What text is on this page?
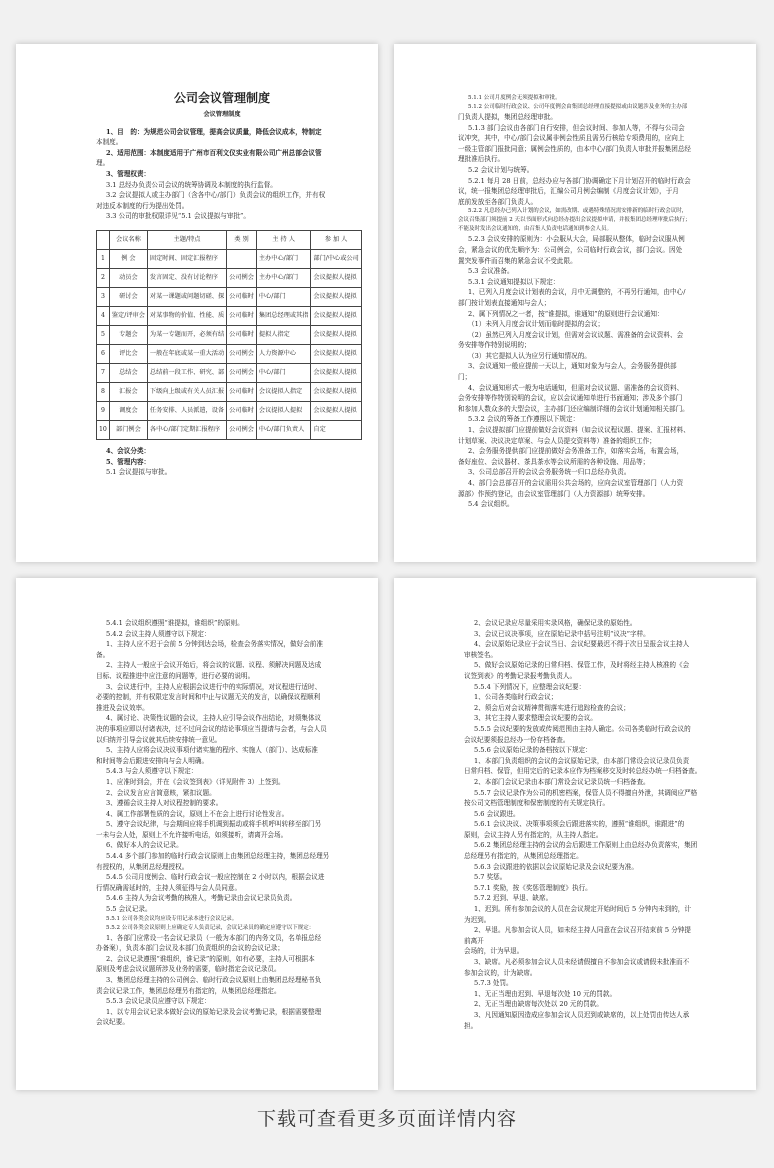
公司会议管理制度
会议管理制度
1、目　的：为规范公司会议管理，提高会议质量，降低会议成本，特制定
本制度。
2、适用范围：本制度适用于广州市百利文仪实业有限公司广州总部会议管
理。
3、管理权责：
3.1 总经办负责公司会议的统筹协调及本制度的执行监督。
3.2 会议提拟人或主办部门（含各中心/部门）负责会议的组织工作，并有权
对违反本制度的行为提出处罚。
3.3 公司的审批权限详见“5.1 会议提拟与审批”。
	会议名称	主题/特点	类 别	主 持 人	参 加 人
1	例 会	固定时间、固定汇报程序		主办中心/部门	部门/中心或公司
2	动员会	发言固定、没有讨论程序	公司例会	主办中心/部门	会议提拟人提拟
3	研讨会	对某一课题或问题切磋、探	公司临时	中心/部门	会议提拟人提拟
4	鉴定/评审会	对某事物的价值、性能、质	公司临时	集团总经理或其指	会议提拟人提拟
5	专题会	为某一专题而开，必须有结	公司临时	提拟人指定	会议提拟人提拟
6	评比会	一般在年底或某一重大活动	公司例会	人力资源中心	会议提拟人提拟
7	总结会	总结前一段工作、研究、部	公司例会	中心/部门	会议提拟人提拟
8	汇报会	下级向上级或有关人员汇报	公司临时	会议提拟人指定	会议提拟人提拟
9	调度会	任务安排、人员派遣，设备	公司临时	会议提拟人提拟	会议提拟人提拟
10	部门例会	各中心/部门定期汇报程序	公司例会	中心/部门负责人	自定
4、会议分类：
5、管理内容：
5.1 会议提拟与审批。
5.1.1 公司月度例会无须提拟和审批。
5.1.2 公司临时行政会议、公司年度例会由集团总经理直接提拟或由议题涉及业务的主办部
门负责人提拟，集团总经理审批。
5.1.3 部门会议由各部门自行安排，但会议时间、参加人等，不得与公司会
议冲突，其中，中心/部门会议属非例会性质且需另行核给专项费用的，应向上
一级主管部门报批同意；属例会性质的，由本中心/部门负责人审批并报集团总经
理批准后执行。
5.2 会议计划与统筹。
5.2.1 每月 28 日前，总经办应与各部门协调确定下月计划召开的临时行政会
议，统一报集团总经理审批后，汇编公司月例会编制《月度会议计划》，于月
底前发放至各部门负责人。
5.2.2 凡总经办已列入计划的会议，如需改期、或遇特殊情况需安排新的临时行政会议时，
会议召集部门须提前 2 天以书面形式向总经办提出会议提拟申请，并报集团总经理审批后执行；
不能及时发出会议通知的，由召集人负责电话通知到参会人员。
5.2.3 会议安排的原则为：小会服从大会，局部服从整体，临时会议服从例
会，紧急会议的优先顺序为：公司例会，公司临时行政会议，部门会议。因处
置突发事件而召集的紧急会议不受此限。
5.3 会议准备。
5.3.1 会议通知提拟以下规定：
1、已列入月度会议计划表的会议，月中无调整的，不再另行通知，由中心/
部门按计划表直接通知与会人；
2、属下列情况之一者，按“谁提拟，谁通知”的原则进行会议通知：
（1）未列入月度会议计划而临时提拟的会议；
（2）虽然已列入月度会议计划，但需对会议议题、需准备的会议资料、会
务安排等作特别说明的；
（3）其它提拟人认为应另行通知情况的。
3、会议通知一般应提前一天以上，通知对象为与会人，会务服务提供部
门；
4、会议通知形式一般为电话通知，但需对会议议题、需准备的会议资料、
会务安排等作特别说明的会议，应以会议通知单进行书面通知；涉及多个部门
和参加人数众多的大型会议，主办部门还应编制详细的会议计划通知相关部门。
5.3.2 会议的筹备工作遵照以下规定：
1、会议提拟部门应提前做好会议资料（如会议议程议题、提案、汇报材料、
计划草案、决议决定草案、与会人员提交资料等）准备的组织工作；
2、会务服务提供部门应提前做好会务准备工作，如落实会场，布置会场，
备好座位、会议器材、茶具茶水等会议所需的各种设施、用品等；
3、公司总部召开的会议会务服务统一归口总经办负责。
4、部门会总部召开的会议需用公共会场的，应向会议室管理部门（人力资
源部）作预约登记，由会议室管理部门（人力资源部）统筹安排。
5.4 会议组织。
5.4.1 会议组织遵照“谁提拟，谁组织”的原则。
5.4.2 会议主持人须遵守以下规定：
1、主持人应不迟于会前 5 分钟到达会场，检查会务落实情况，做好会前准
备。
2、主持人一般应于会议开始后，将会议的议题、议程、须解决问题及达成
目标、议程推进中应注意的问题等，进行必要的说明。
3、会议进行中，主持人应根据会议进行中的实际情况，对议程进行适时、
必要的控制，并有权限定发言时间和中止与议题无关的发言，以确保议程顺利
推进及会议效率。
4、属讨论、决策性议题的会议，主持人应引导会议作出结论，对须集体议
决的事项应即以付诸表决，过不过问会议的结论事项应当提请与会者，与会人员
以归纳并引导会议就其后续安排统一意见。
5、主持人应将会议决议事项付诸实施的程序、实施人（部门）、达成标准
和时间等会后跟进安排向与会人明确。
5.4.3 与会人须遵守以下规定：
1、应准时到会，并在《会议签到表》（详见附件 3）上签到。
2、会议发言应言简意赅，紧扣议题。
3、遵循会议主持人对议程控制的要求。
4、属工作部署性质的会议，原则上不在会上进行讨论性发言。
5、遵守会议纪律，与会期间应将手机调到振动或将手机呼叫转移至部门另
一未与会人处，原则上不允许接听电话，如须接听，请离开会场。
6、做好本人的会议记录。
5.4.4 多个部门参加的临时行政会议原则上由集团总经理主持，集团总经理另
有授权的，从集团总经理授权。
5.4.5 公司月度例会、临时行政会议一般应控制在 2 小时以内，根据会议进
行情况确需延时的，主持人须征得与会人员同意。
5.4.6 主持人为会议考勤的核准人，考勤记录由会议记录员负责。
5.5 会议记录。
5.5.1 公司各类会议均应设专用记录本进行会议记录。
5.5.2 公司各类会议原则上应确定专人负责记录，会议记录员的确定应遵守以下规定：
1、各部门应常设一名会议记录员（一般为本部门的内务文员，名单报总经
办备案），负责本部门会议及本部门负责组织的会议的会议记录；
2、会议记录遵照“谁组织，谁记录”的原则，如有必要，主持人可根据本
原则及考虑会议议题所涉及业务的需要，临时指定会议记录员。
3、集团总经理主持的公司例会、临时行政会议原则上由集团总经理秘书负
责会议记录工作，集团总经理另有指定的，从集团总经理指定。
5.5.3 会议记录员应遵守以下规定：
1、以专用会议记录本做好会议的原始记录及会议考勤记录，根据需要整理
会议纪要。
2、会议记录应尽量采用实录风格，确保记录的原始性。
3、会议已议决事项，应在原始记录中括号注明“议决”字样。
4、会议原始记录应于会议当日、会议纪要最迟不得于次日呈报会议主持人
审核签名。
5、做好会议原始记录的日常归档、保管工作，及时将经主持人核准的《会
议签到表》的考勤记录报考勤负责人。
5.5.4 下列情况下，应整理会议纪要：
1、公司各类临时行政会议；
2、须会后对会议精神贯彻落实进行追踪检查的会议；
3、其它主持人要求整理会议纪要的会议。
5.5.5 会议纪要的发放或传阅范围由主持人确定。公司各类临时行政会议的
会议纪要须报总经办一份存档备查。
5.5.6 会议原始记录的备档按以下规定：
1、本部门负责组织的会议的会议原始记录，由本部门常设会议记录员负责
日常归档、保管，但用完后的记录本应作为档案移交及时转总经办统一归档备查。
2、本部门会议记录由本部门常设会议记录员统一归档备查。
5.5.7 会议记录作为公司的机密档案，保管人员不得擅自外泄，其调阅应严格
按公司文档管理制度和保密制度的有关规定执行。
5.6 会议跟进。
5.6.1 会议决议、决策事项须会后跟进落实的，遵照“谁组织，谁跟进”的
原则，会议主持人另有指定的，从主持人指定。
5.6.2 集团总经理主持的会议的会后跟进工作原则上由总经办负责落实，集团
总经理另有指定的，从集团总经理指定。
5.6.3 会议跟进的依据以会议原始记录及会议纪要为准。
5.7 奖惩。
5.7.1 奖励，按《奖惩管理制度》执行。
5.7.2 迟到、早退、缺席。
1、迟到。所有参加会议的人员在会议规定开始时间后 5 分钟内未到的，计
为迟到。
2、早退。凡参加会议人员，如未经主持人同意在会议召开结束前 5 分钟提
前离开
会场的，计为早退。
3、缺席。凡必须参加会议人员未经请假擅自不参加会议或请假未批准而不
参加会议的，计为缺席。
5.7.3 处罚。
1、无正当理由迟到、早退每次处 10 元的罚款。
2、无正当理由缺席每次处以 20 元的罚款。
3、凡因通知原因造成应参加会议人员迟到或缺席的，以上处罚由传达人承
担。
下载可查看更多页面详情内容
